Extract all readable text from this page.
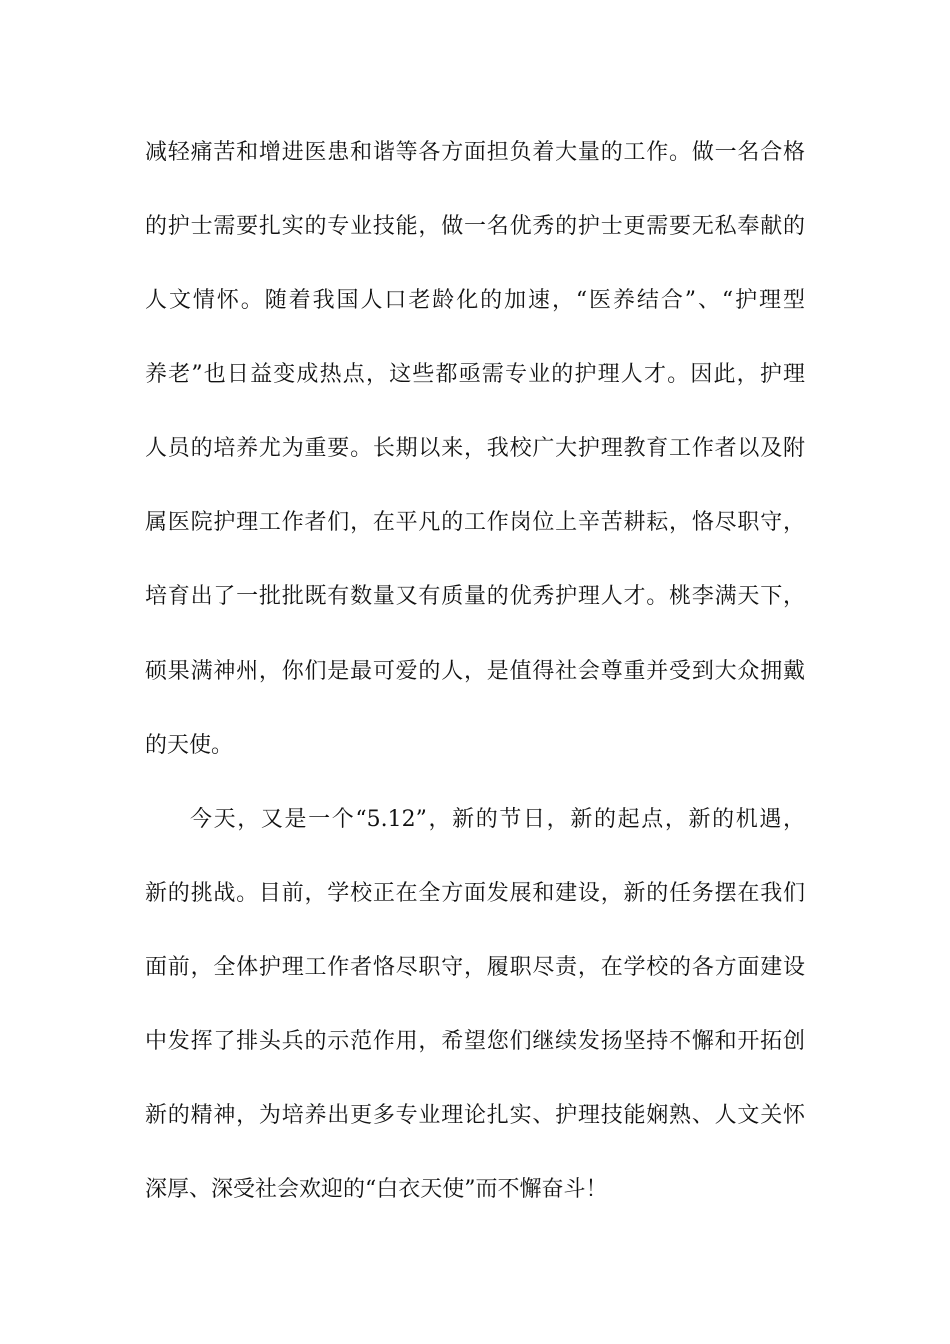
减轻痛苦和增进医患和谐等各方面担负着大量的工作。做一名合格
的护士需要扎实的专业技能，做一名优秀的护士更需要无私奉献的
人文情怀。随着我国人口老龄化的加速，“医养结合”、“护理型
养老”也日益变成热点，这些都亟需专业的护理人才。因此，护理
人员的培养尤为重要。长期以来，我校广大护理教育工作者以及附
属医院护理工作者们，在平凡的工作岗位上辛苦耕耘，恪尽职守，
培育出了一批批既有数量又有质量的优秀护理人才。桃李满天下，
硕果满神州，你们是最可爱的人，是值得社会尊重并受到大众拥戴
的天使。
今天，又是一个“5.12”，新的节日，新的起点，新的机遇，
新的挑战。目前，学校正在全方面发展和建设，新的任务摆在我们
面前，全体护理工作者恪尽职守，履职尽责，在学校的各方面建设
中发挥了排头兵的示范作用，希望您们继续发扬坚持不懈和开拓创
新的精神，为培养出更多专业理论扎实、护理技能娴熟、人文关怀
深厚、深受社会欢迎的“白衣天使”而不懈奋斗！
